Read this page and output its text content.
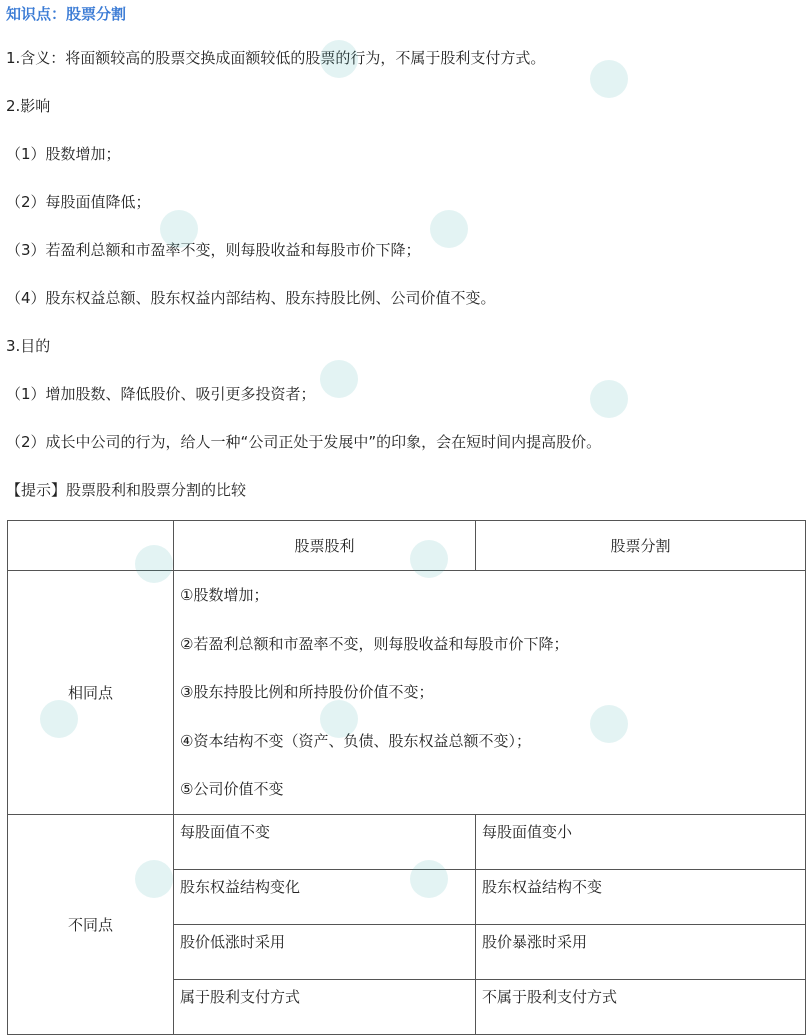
知识点：股票分割
1.含义：将面额较高的股票交换成面额较低的股票的行为，不属于股利支付方式。
2.影响
（1）股数增加；
（2）每股面值降低；
（3）若盈利总额和市盈率不变，则每股收益和每股市价下降；
（4）股东权益总额、股东权益内部结构、股东持股比例、公司价值不变。
3.目的
（1）增加股数、降低股价、吸引更多投资者；
（2）成长中公司的行为，给人一种“公司正处于发展中”的印象，会在短时间内提高股价。
【提示】股票股利和股票分割的比较
	股票股利	股票分割
相同点	①股数增加；
②若盈利总额和市盈率不变，则每股收益和每股市价下降；
③股东持股比例和所持股份价值不变；
④资本结构不变（资产、负债、股东权益总额不变）；
⑤公司价值不变	

不同点	每股面值不变	每股面值变小
	股东权益结构变化	股东权益结构不变
	股价低涨时采用	股价暴涨时采用
	属于股利支付方式	不属于股利支付方式
